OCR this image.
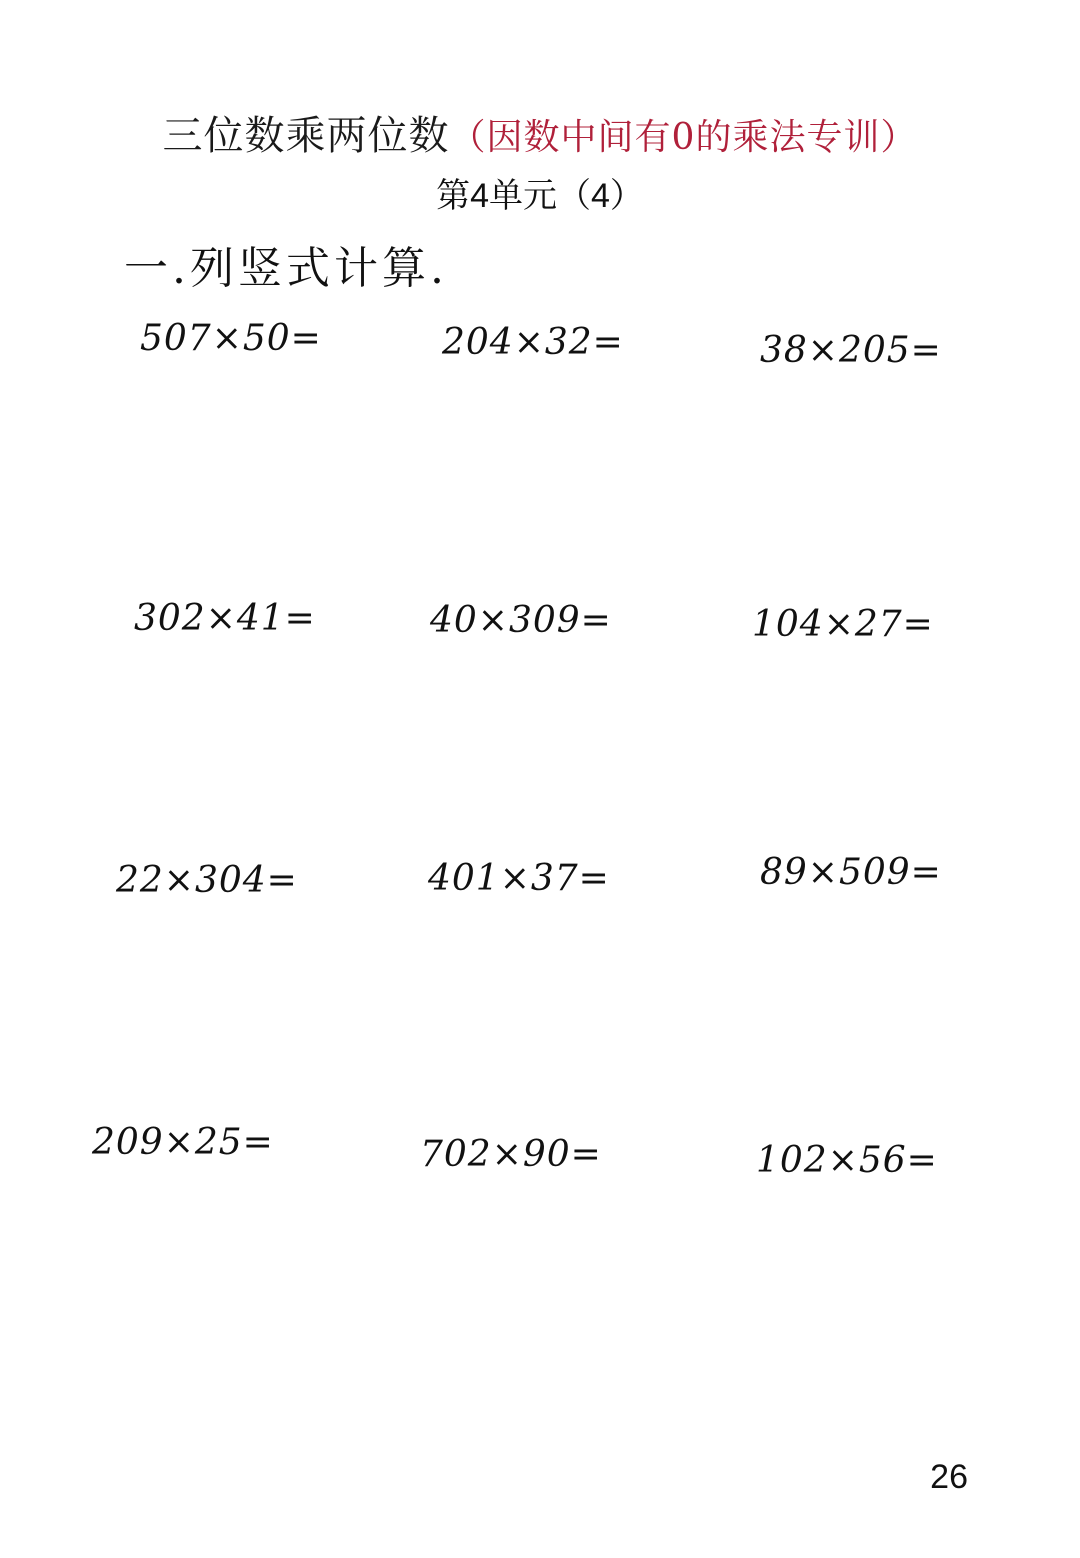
三位数乘两位数（因数中间有0的乘法专训）
第4单元（4）
一.列竖式计算.
507×50=	204×32=	38×205=
302×41=	40×309=	104×27=
22×304=	401×37=	89×509=
209×25=	702×90=	102×56=
26
